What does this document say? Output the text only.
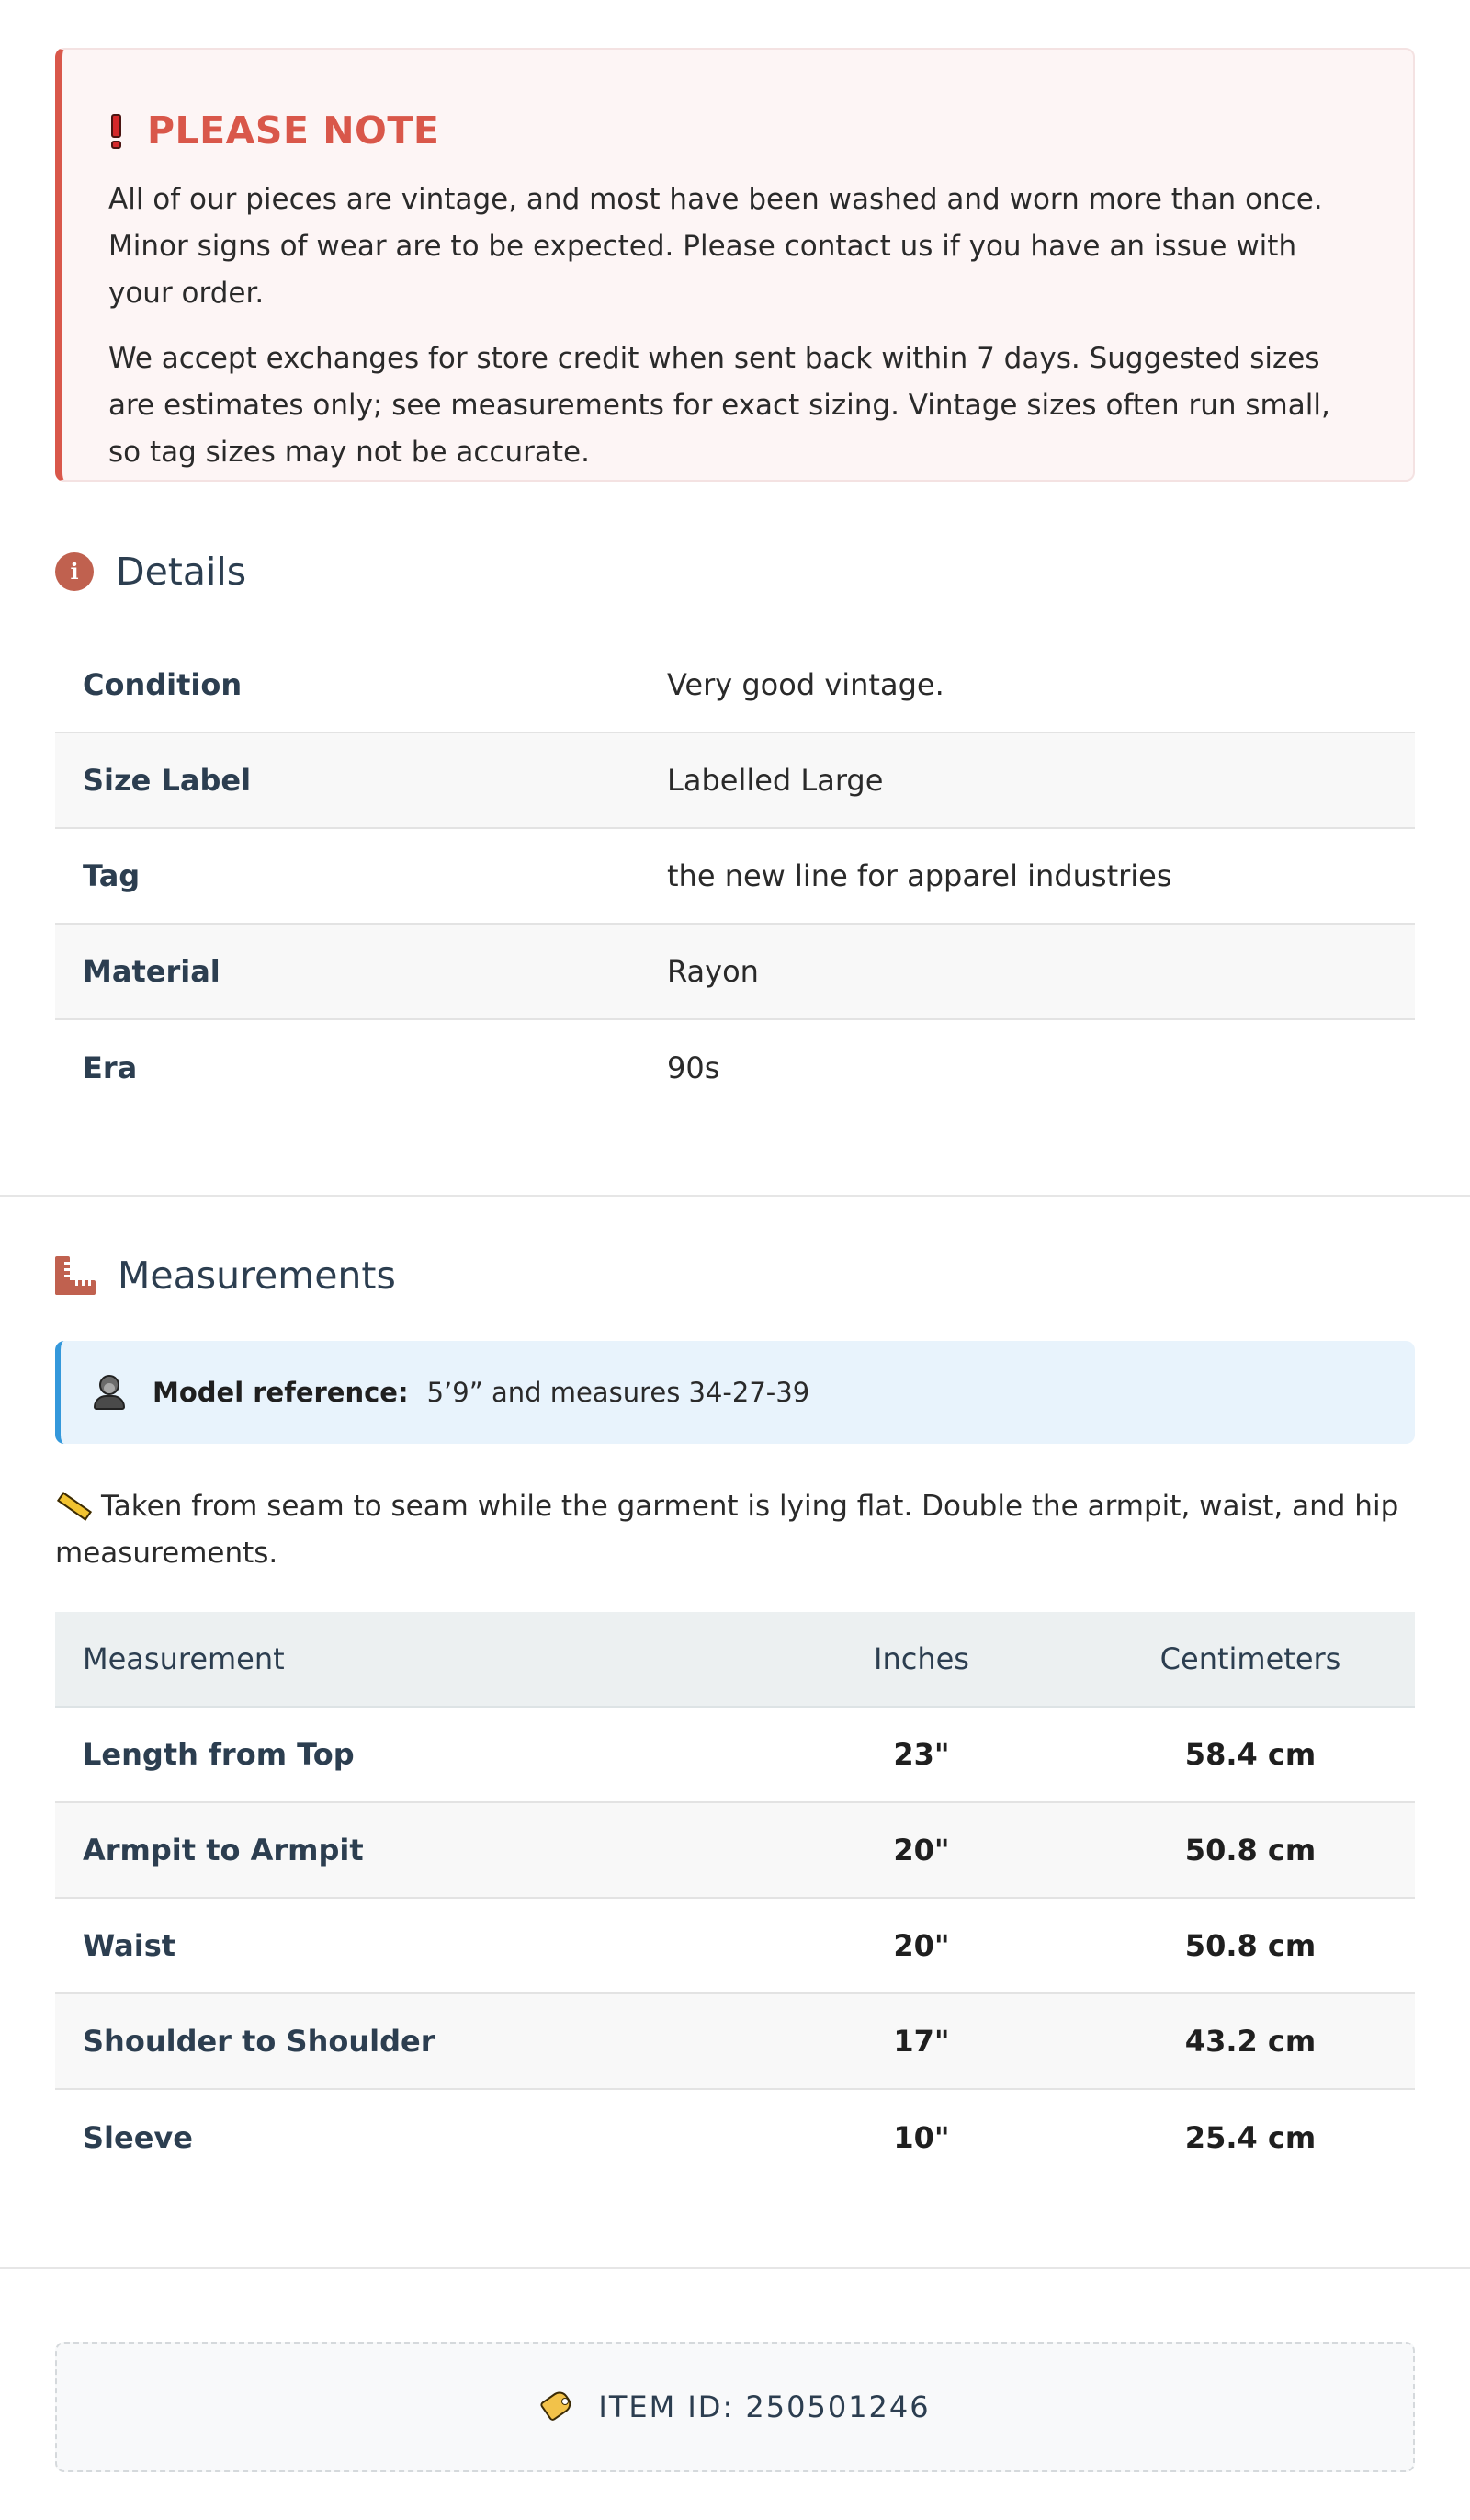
PLEASE NOTE

All of our pieces are vintage, and most have been washed and worn more than once. Minor signs of wear are to be expected. Please contact us if you have an issue with your order.

We accept exchanges for store credit when sent back within 7 days. Suggested sizes are estimates only; see measurements for exact sizing. Vintage sizes often run small, so tag sizes may not be accurate.

i Details
Condition	Very good vintage.
Size Label	Labelled Large
Tag	the new line for apparel industries
Material	Rayon
Era	90s
Measurements
Model reference: 5’9” and measures 34-27-39

Taken from seam to seam while the garment is lying flat. Double the armpit, waist, and hip measurements.

Measurement	Inches	Centimeters
Length from Top	23"	58.4 cm
Armpit to Armpit	20"	50.8 cm
Waist	20"	50.8 cm
Shoulder to Shoulder	17"	43.2 cm
Sleeve	10"	25.4 cm
ITEM ID: 250501246
